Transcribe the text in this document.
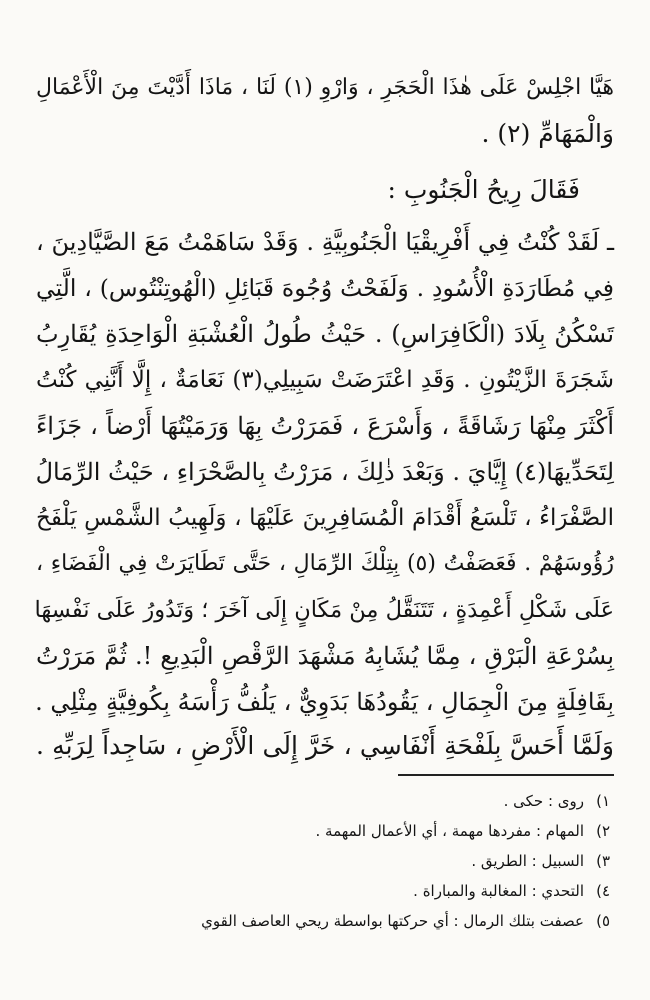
هَيَّا اجْلِسْ عَلَى هٰذَا الْحَجَرِ ، وَارْوِ (١) لَنَا ، مَاذَا أَدَّيْتَ مِنَ الْأَعْمَالِ
وَالْمَهَامِّ (٢) .
فَقَالَ رِيحُ الْجَنُوبِ :
ـ لَقَدْ كُنْتُ فِي أَفْرِيقْيَا الْجَنُوبِيَّةِ . وَقَدْ سَاهَمْتُ مَعَ الصَّيَّادِينَ ،
فِي مُطَارَدَةِ الْأُسُودِ . وَلَفَحْتُ وُجُوهَ قَبَائِلِ (الْهُوتِنْتُوس) ، الَّتِي
تَسْكُنُ بِلَادَ (الْكَافِرَاسِ) . حَيْثُ طُولُ الْعُشْبَةِ الْوَاحِدَةِ يُقَارِبُ
شَجَرَةَ الزَّيْتُونِ . وَقَدِ اعْتَرَضَتْ سَبِيلِي(٣) نَعَامَةٌ ، إِلَّا أَنَّنِي كُنْتُ
أَكْثَرَ مِنْهَا رَشَاقَةً ، وَأَسْرَعَ ، فَمَرَرْتُ بِهَا وَرَمَيْتُهَا أَرْضاً ، جَزَاءً
لِتَحَدِّيهَا(٤) إِيَّايَ . وَبَعْدَ ذٰلِكَ ، مَرَرْتُ بِالصَّحْرَاءِ ، حَيْثُ الرِّمَالُ
الصَّفْرَاءُ ، تَلْسَعُ أَقْدَامَ الْمُسَافِرِينَ عَلَيْهَا ، وَلَهِيبُ الشَّمْسِ يَلْفَحُ
رُؤُوسَهُمْ . فَعَصَفْتُ (٥) بِتِلْكَ الرِّمَالِ ، حَتَّى تَطَايَرَتْ فِي الْفَضَاءِ ،
عَلَى شَكْلِ أَعْمِدَةٍ ، تَتَنَقَّلُ مِنْ مَكَانٍ إِلَى آخَرَ ؛ وَتَدُورُ عَلَى نَفْسِهَا
بِسُرْعَةِ الْبَرْقِ ، مِمَّا يُشَابِهُ مَشْهَدَ الرَّقْصِ الْبَدِيعِ !. ثُمَّ مَرَرْتُ
بِقَافِلَةٍ مِنَ الْجِمَالِ ، يَقُودُهَا بَدَوِيٌّ ، يَلُفُّ رَأْسَهُ بِكُوفِيَّةٍ مِثْلِي .
وَلَمَّا أَحَسَّ بِلَفْحَةِ أَنْفَاسِي ، خَرَّ إِلَى الْأَرْضِ ، سَاجِداً لِرَبِّهِ .
١)روى : حكى .
٢)المهام : مفردها مهمة ، أي الأعمال المهمة .
٣)السبيل : الطريق .
٤)التحدي : المغالبة والمباراة .
٥)عصفت بتلك الرمال : أي حركتها بواسطة ريحي العاصف القوي
